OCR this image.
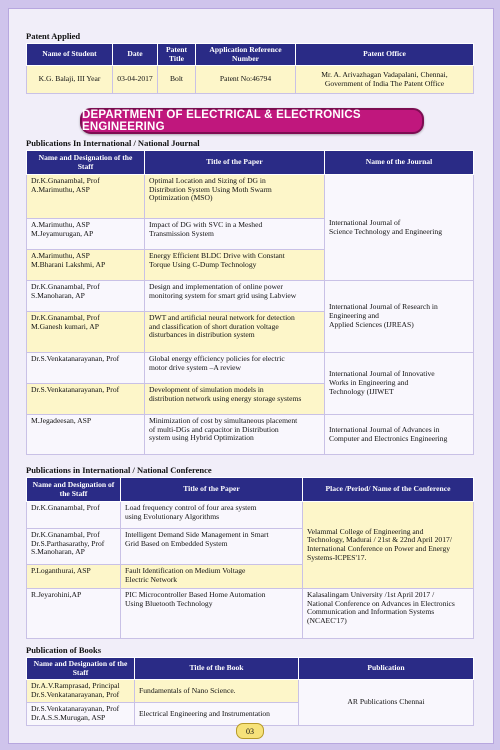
Patent Applied
Name of Student	Date	Patent Title	Application Reference Number	Patent Office
K.G. Balaji, III Year	03-04-2017	Bolt	Patent No:46794	Mr. A. Arivazhagan Vadapalani, Chennai,
Government of India The Patent Office
DEPARTMENT OF ELECTRICAL & ELECTRONICS ENGINEERING
Publications In International / National Journal
Name and Designation of the Staff	Title of the Paper	Name of the Journal

Dr.K.Gnanambal, Prof
A.Marimuthu, ASP	Optimal Location and Sizing of DG in
Distribution System Using Moth Swarm
Optimization (MSO)	International Journal of
Science Technology and Engineering

A.Marimuthu, ASP
M.Jeyamurugan, AP	Impact of DG with SVC in a Meshed
Transmission System	

A.Marimuthu, ASP
M.Bharani Lakshmi, AP	Energy Efficient BLDC Drive with Constant
Torque Using C-Dump Technology	

Dr.K.Gnanambal, Prof
S.Manoharan, AP	Design and implementation of online power
monitoring system for smart grid using Labview	International Journal of Research in
Engineering and
Applied Sciences (IJREAS)

Dr.K.Gnanambal, Prof
M.Ganesh kumari, AP	DWT and artificial neural network for detection
and classification of short duration voltage
disturbances in distribution system	

Dr.S.Venkatanarayanan, Prof	Global energy efficiency policies for electric
motor drive system –A review	International Journal of Innovative
Works in Engineering and
Technology (IJIWET

Dr.S.Venkatanarayanan, Prof	Development of simulation models in
distribution network using energy storage systems	

M.Jegadeesan, ASP	Minimization of cost by simultaneous placement
of multi-DGs and capacitor in Distribution
system using Hybrid Optimization	International Journal of Advances in
Computer and Electronics Engineering
Publications in International / National Conference
Name and Designation of the Staff	Title of the Paper	Place /Period/ Name of the Conference

Dr.K.Gnanambal, Prof	Load frequency control of four area system
using Evolutionary Algorithms	Velammal College of Engineering and
Technology, Madurai / 21st & 22nd April 2017/
International Conference on Power and Energy
Systems-ICPES'17.

Dr.K.Gnanambal, Prof
Dr.S.Parthasarathy, Prof
S.Manoharan, AP	Intelligent Demand Side Management in Smart
Grid Based on Embedded System	

P.Loganthurai, ASP	Fault Identification on Medium Voltage
Electric Network	

R.Jeyarohini,AP	PIC Microcontroller Based Home Automation
Using Bluetooth Technology	Kalasalingam University /1st April 2017 /
National Conference on Advances in Electronics
Communication and Information Systems
(NCAEC'17)
Publication of Books
Name and Designation of the Staff	Title of the Book	Publication

Dr.A.V.Ramprasad, Principal
Dr.S.Venkatanarayanan, Prof	Fundamentals of Nano Science.	AR Publications Chennai

Dr.S.Venkatanarayanan, Prof
Dr.A.S.S.Murugan, ASP	Electrical Engineering and Instrumentation	
03
